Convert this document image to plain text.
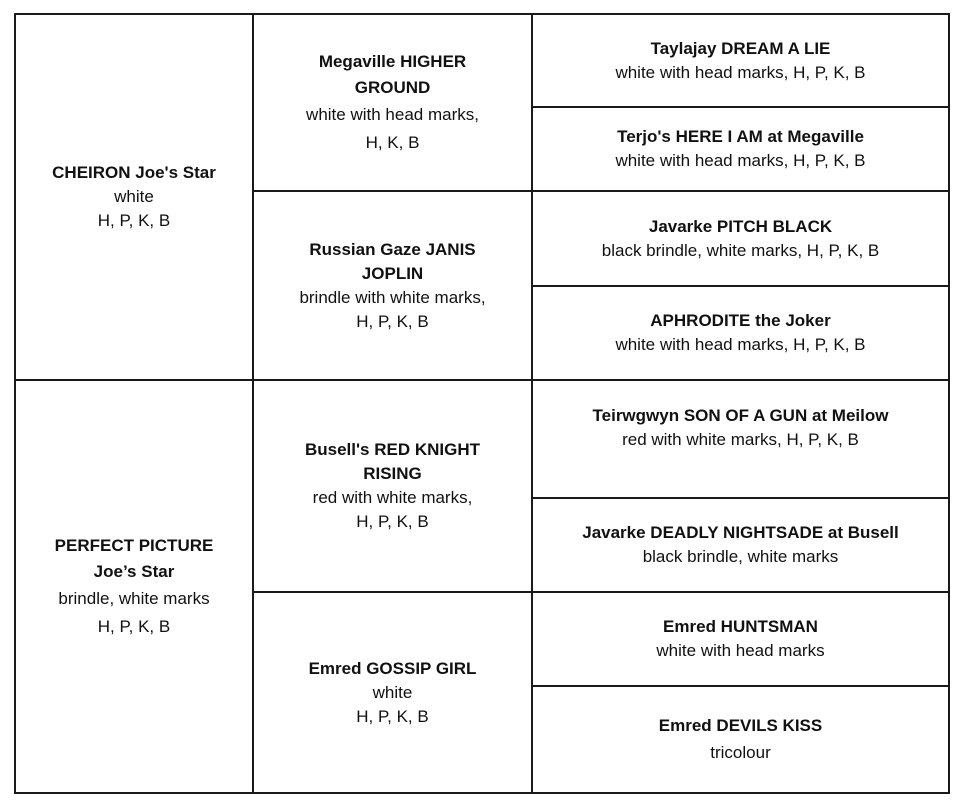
CHEIRON Joe's Star
white
H, P, K, B
PERFECT PICTURE Joe’s Star
brindle, white marks
H, P, K, B
Megaville HIGHER GROUND
white with head marks,
H, K, B
Russian Gaze JANIS JOPLIN
brindle with white marks,
H, P, K, B
Busell's RED KNIGHT RISING
red with white marks,
H, P, K, B
Emred GOSSIP GIRL
white
H, P, K, B
Taylajay DREAM A LIE
white with head marks, H, P, K, B
Terjo's HERE I AM at Megaville
white with head marks, H, P, K, B
Javarke PITCH BLACK
black brindle, white marks, H, P, K, B
APHRODITE the Joker
white with head marks, H, P, K, B
Teirwgwyn SON OF A GUN at Meilow
red with white marks, H, P, K, B
Javarke DEADLY NIGHTSADE at Busell
black brindle, white marks
Emred HUNTSMAN
white with head marks
Emred DEVILS KISS
tricolour
